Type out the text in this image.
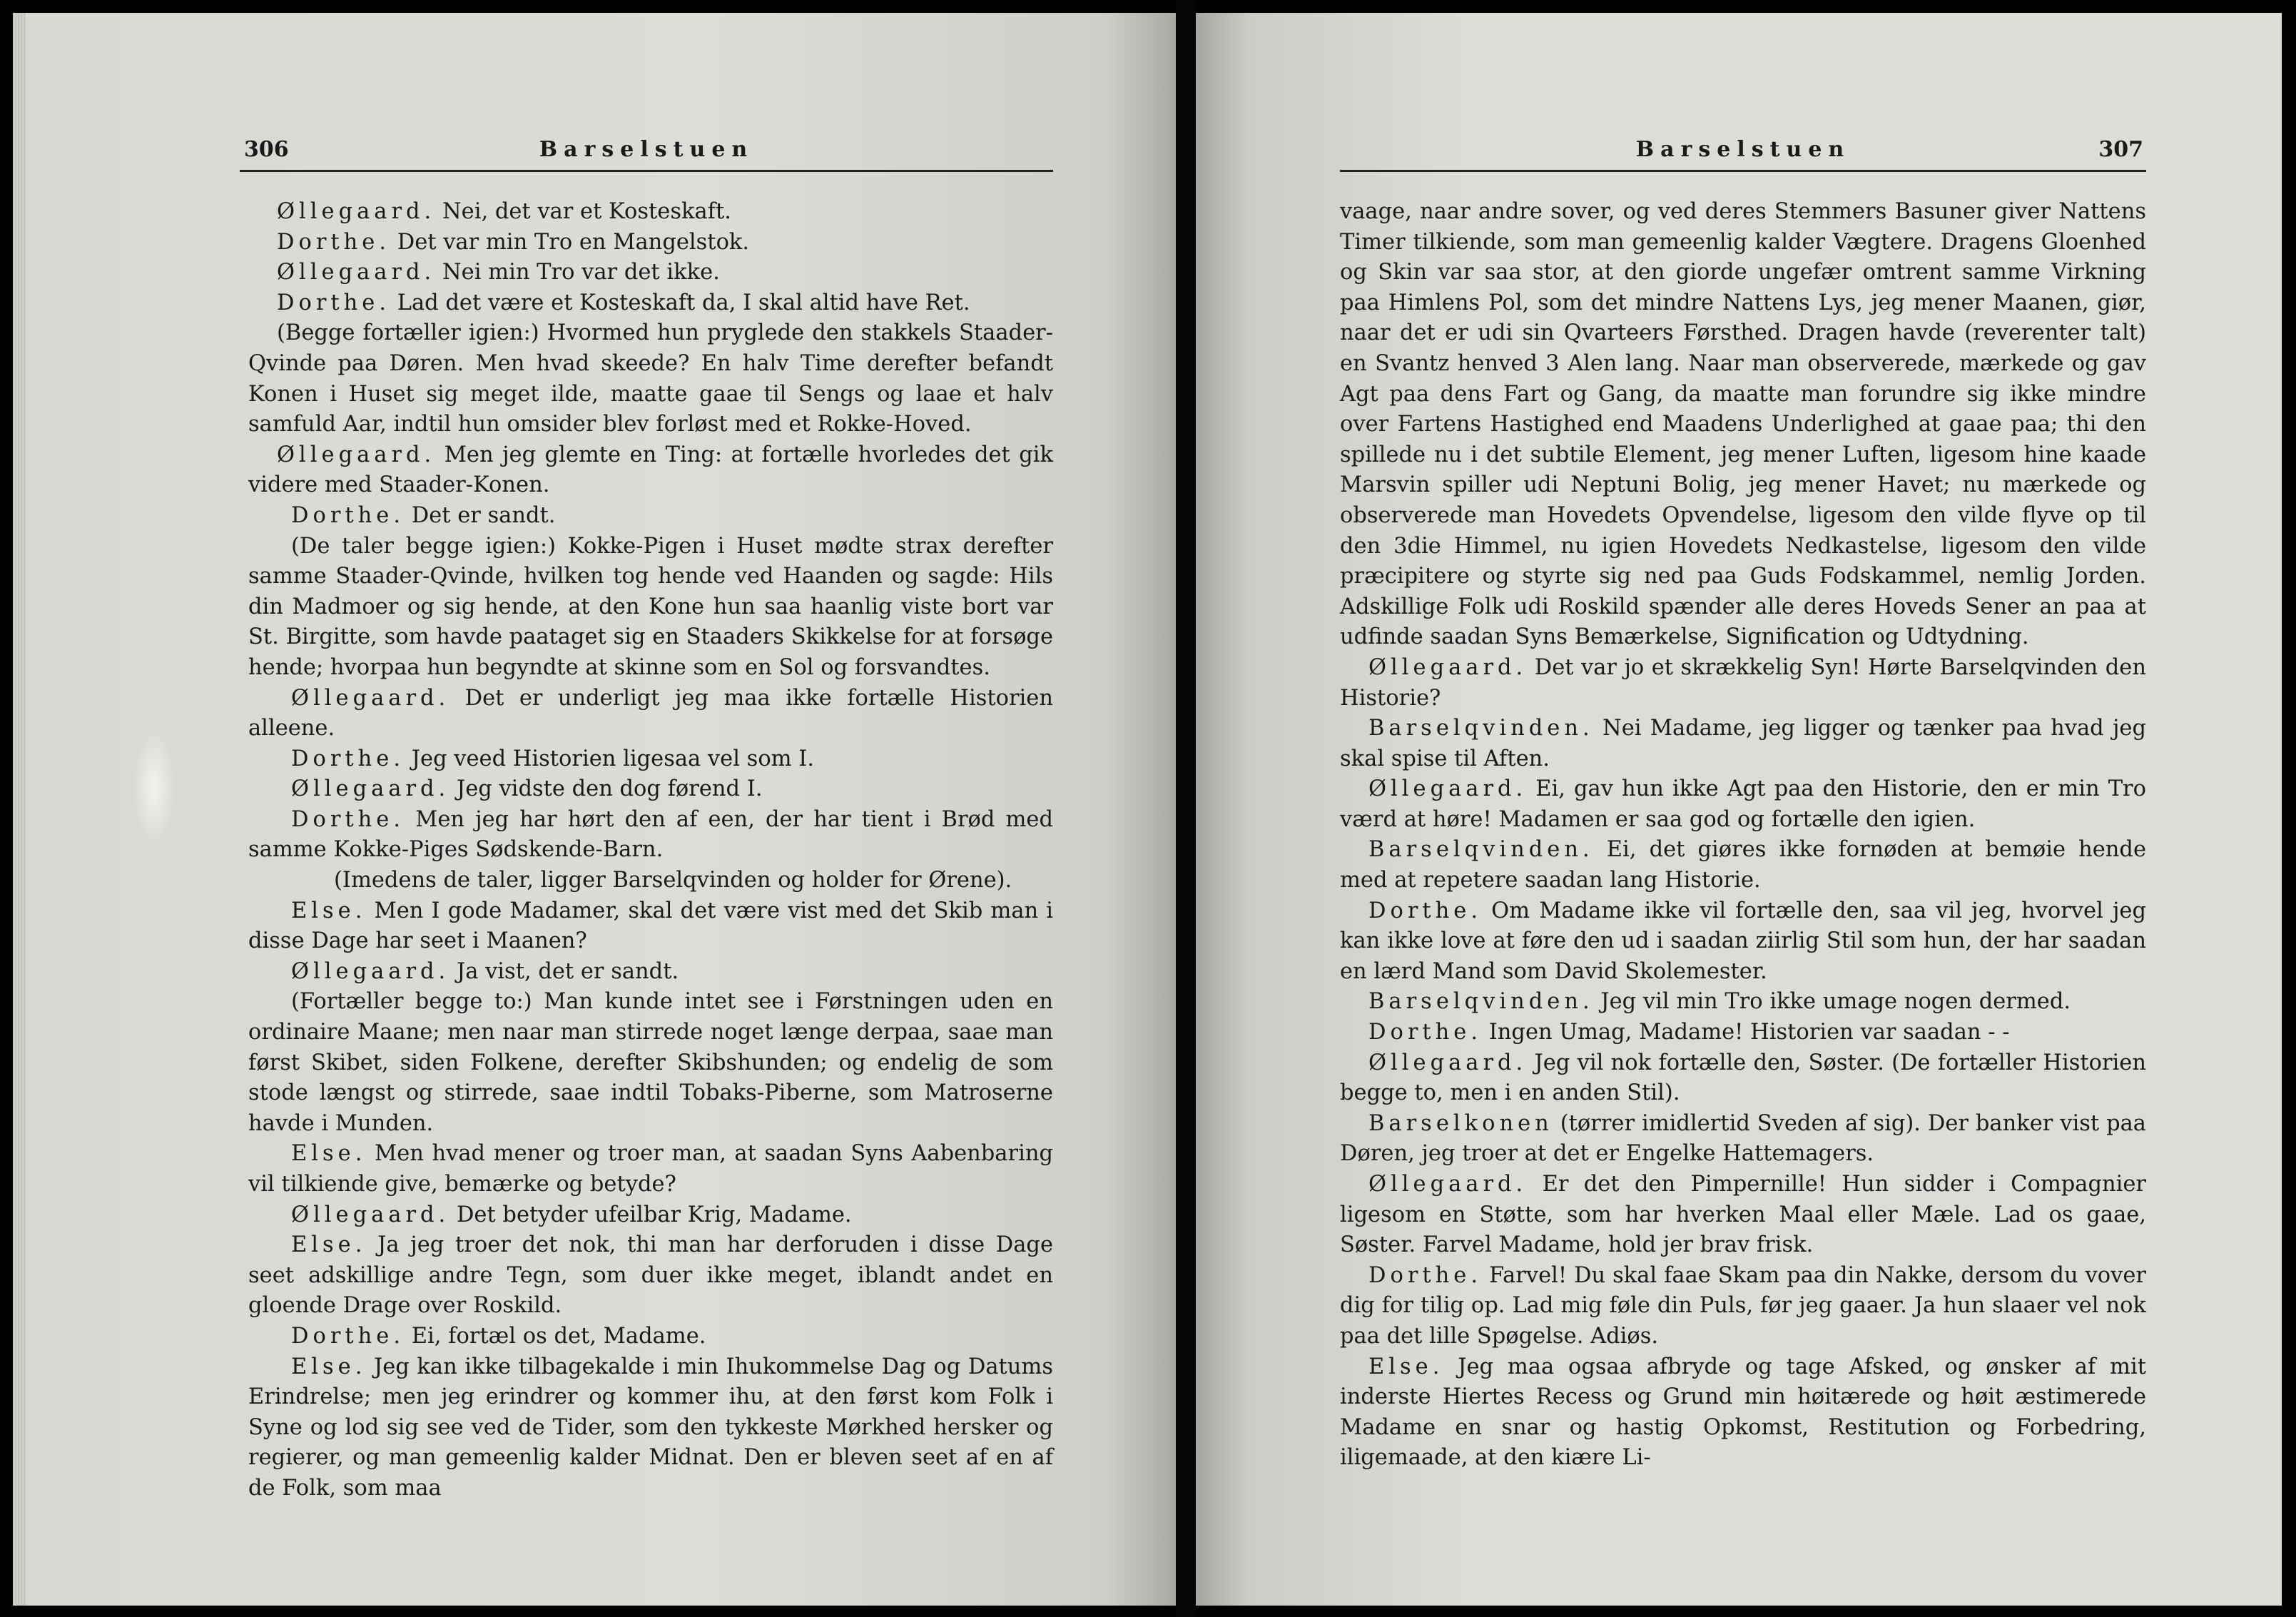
306	Barselstuen

Øllegaard. Nei, det var et Kosteskaft.

Dorthe. Det var min Tro en Mangelstok.

Øllegaard. Nei min Tro var det ikke.

Dorthe. Lad det være et Kosteskaft da, I skal altid have Ret.

(Begge fortæller igien:) Hvormed hun pryglede den stakkels Staader-Qvinde paa Døren. Men hvad skeede? En halv Time derefter befandt Konen i Huset sig meget ilde, maatte gaae til Sengs og laae et halv samfuld Aar, indtil hun omsider blev forløst med et Rokke-Hoved.

Øllegaard. Men jeg glemte en Ting: at fortælle hvorledes det gik videre med Staader-Konen.

Dorthe. Det er sandt.

(De taler begge igien:) Kokke-Pigen i Huset mødte strax derefter samme Staader-Qvinde, hvilken tog hende ved Haanden og sagde: Hils din Madmoer og sig hende, at den Kone hun saa haanlig viste bort var St. Birgitte, som havde paataget sig en Staaders Skikkelse for at forsøge hende; hvorpaa hun begyndte at skinne som en Sol og forsvandtes.

Øllegaard. Det er underligt jeg maa ikke fortælle Historien alleene.

Dorthe. Jeg veed Historien ligesaa vel som I.

Øllegaard. Jeg vidste den dog førend I.

Dorthe. Men jeg har hørt den af een, der har tient i Brød med samme Kokke-Piges Sødskende-Barn.

(Imedens de taler, ligger Barselqvinden og holder for Ørene).

Else. Men I gode Madamer, skal det være vist med det Skib man i disse Dage har seet i Maanen?

Øllegaard. Ja vist, det er sandt.

(Fortæller begge to:) Man kunde intet see i Førstningen uden en ordinaire Maane; men naar man stirrede noget længe derpaa, saae man først Skibet, siden Folkene, derefter Skibshunden; og endelig de som stode længst og stirrede, saae indtil Tobaks-Piberne, som Matroserne havde i Munden.

Else. Men hvad mener og troer man, at saadan Syns Aabenbaring vil tilkiende give, bemærke og betyde?

Øllegaard. Det betyder ufeilbar Krig, Madame.

Else. Ja jeg troer det nok, thi man har derforuden i disse Dage seet adskillige andre Tegn, som duer ikke meget, iblandt andet en gloende Drage over Roskild.

Dorthe. Ei, fortæl os det, Madame.

Else. Jeg kan ikke tilbagekalde i min Ihukommelse Dag og Datums Erindrelse; men jeg erindrer og kommer ihu, at den først kom Folk i Syne og lod sig see ved de Tider, som den tykkeste Mørkhed hersker og regierer, og man gemeenlig kalder Midnat. Den er bleven seet af en af de Folk, som maa

Barselstuen	307

vaage, naar andre sover, og ved deres Stemmers Basuner giver Nattens Timer tilkiende, som man gemeenlig kalder Vægtere. Dragens Gloenhed og Skin var saa stor, at den giorde ungefær omtrent samme Virkning paa Himlens Pol, som det mindre Nattens Lys, jeg mener Maanen, giør, naar det er udi sin Qvarteers Førsthed. Dragen havde (reverenter talt) en Svantz henved 3 Alen lang. Naar man observerede, mærkede og gav Agt paa dens Fart og Gang, da maatte man forundre sig ikke mindre over Fartens Hastighed end Maadens Underlighed at gaae paa; thi den spillede nu i det subtile Element, jeg mener Luften, ligesom hine kaade Marsvin spiller udi Neptuni Bolig, jeg mener Havet; nu mærkede og observerede man Hovedets Opvendelse, ligesom den vilde flyve op til den 3die Himmel, nu igien Hovedets Nedkastelse, ligesom den vilde præcipitere og styrte sig ned paa Guds Fodskammel, nemlig Jorden. Adskillige Folk udi Roskild spænder alle deres Hoveds Sener an paa at udfinde saadan Syns Bemærkelse, Signification og Udtydning.

Øllegaard. Det var jo et skrækkelig Syn! Hørte Barselqvinden den Historie?

Barselqvinden. Nei Madame, jeg ligger og tænker paa hvad jeg skal spise til Aften.

Øllegaard. Ei, gav hun ikke Agt paa den Historie, den er min Tro værd at høre! Madamen er saa god og fortælle den igien.

Barselqvinden. Ei, det giøres ikke fornøden at bemøie hende med at repetere saadan lang Historie.

Dorthe. Om Madame ikke vil fortælle den, saa vil jeg, hvorvel jeg kan ikke love at føre den ud i saadan ziirlig Stil som hun, der har saadan en lærd Mand som David Skolemester.

Barselqvinden. Jeg vil min Tro ikke umage nogen dermed.

Dorthe. Ingen Umag, Madame! Historien var saadan - -

Øllegaard. Jeg vil nok fortælle den, Søster. (De fortæller Historien begge to, men i en anden Stil).

Barselkonen (tørrer imidlertid Sveden af sig). Der banker vist paa Døren, jeg troer at det er Engelke Hattemagers.

Øllegaard. Er det den Pimpernille! Hun sidder i Compagnier ligesom en Støtte, som har hverken Maal eller Mæle. Lad os gaae, Søster. Farvel Madame, hold jer brav frisk.

Dorthe. Farvel! Du skal faae Skam paa din Nakke, dersom du vover dig for tilig op. Lad mig føle din Puls, før jeg gaaer. Ja hun slaaer vel nok paa det lille Spøgelse. Adiøs.

Else. Jeg maa ogsaa afbryde og tage Afsked, og ønsker af mit inderste Hiertes Recess og Grund min høitærede og høit æstimerede Madame en snar og hastig Opkomst, Restitution og Forbedring, iligemaade, at den kiære Li-
